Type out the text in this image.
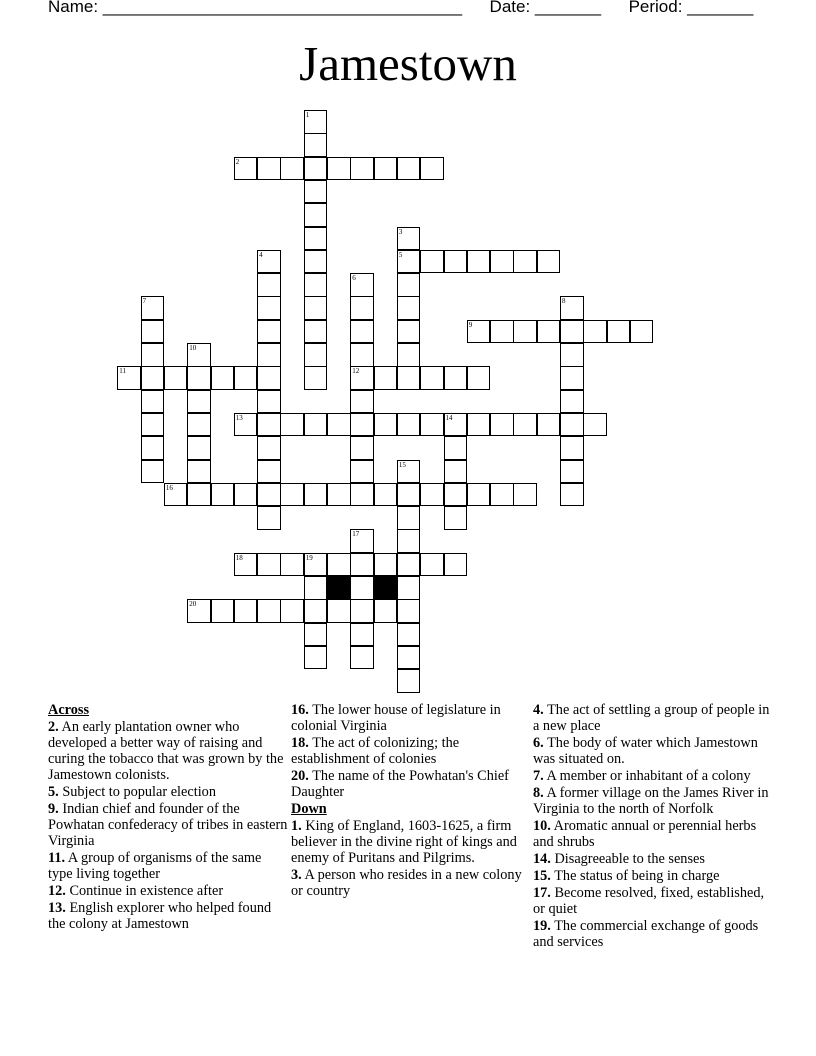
Name: ______________________________________ Date: _______ Period: _______
Jamestown
1
2
3
5
4
6
12
7	8
9
10
11
13	14
15
16
17
18	19
20
Across
2. An early plantation owner who developed a better way of raising and curing the tobacco that was grown by the Jamestown colonists.
5. Subject to popular election
9. Indian chief and founder of the Powhatan confederacy of tribes in eastern Virginia
11. A group of organisms of the same type living together
12. Continue in existence after
13. English explorer who helped found the colony at Jamestown
16. The lower house of legislature in colonial Virginia
18. The act of colonizing; the establishment of colonies
20. The name of the Powhatan's Chief Daughter
Down
1. King of England, 1603-1625, a firm believer in the divine right of kings and enemy of Puritans and Pilgrims.
3. A person who resides in a new colony or country
4. The act of settling a group of people in a new place
6. The body of water which Jamestown was situated on.
7. A member or inhabitant of a colony
8. A former village on the James River in Virginia to the north of Norfolk
10. Aromatic annual or perennial herbs and shrubs
14. Disagreeable to the senses
15. The status of being in charge
17. Become resolved, fixed, established, or quiet
19. The commercial exchange of goods and services
